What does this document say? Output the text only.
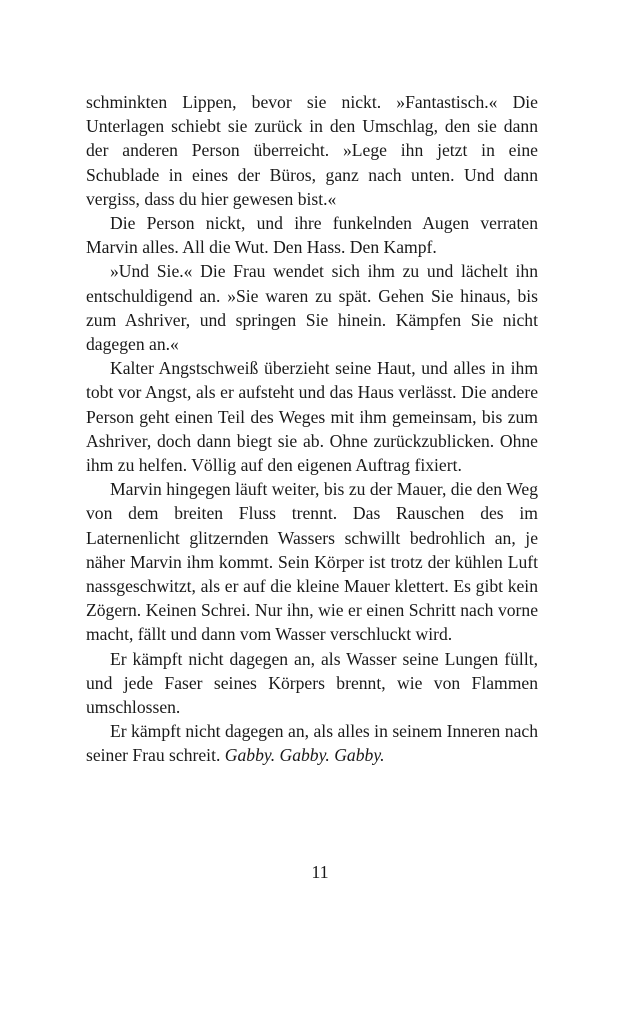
schminkten Lippen, bevor sie nickt. »Fantastisch.« Die Unterlagen schiebt sie zurück in den Umschlag, den sie dann der anderen Person überreicht. »Lege ihn jetzt in eine Schublade in eines der Büros, ganz nach unten. Und dann vergiss, dass du hier gewesen bist.«

Die Person nickt, und ihre funkelnden Augen verraten Marvin alles. All die Wut. Den Hass. Den Kampf.

»Und Sie.« Die Frau wendet sich ihm zu und lächelt ihn entschuldigend an. »Sie waren zu spät. Gehen Sie hinaus, bis zum Ashriver, und springen Sie hinein. Kämpfen Sie nicht dagegen an.«

Kalter Angstschweiß überzieht seine Haut, und alles in ihm tobt vor Angst, als er aufsteht und das Haus verlässt. Die andere Person geht einen Teil des Weges mit ihm gemeinsam, bis zum Ashriver, doch dann biegt sie ab. Ohne zurückzublicken. Ohne ihm zu helfen. Völlig auf den eigenen Auftrag fixiert.

Marvin hingegen läuft weiter, bis zu der Mauer, die den Weg von dem breiten Fluss trennt. Das Rauschen des im Laternenlicht glitzernden Wassers schwillt bedrohlich an, je näher Marvin ihm kommt. Sein Körper ist trotz der kühlen Luft nassgeschwitzt, als er auf die kleine Mauer klettert. Es gibt kein Zögern. Keinen Schrei. Nur ihn, wie er einen Schritt nach vorne macht, fällt und dann vom Wasser verschluckt wird.

Er kämpft nicht dagegen an, als Wasser seine Lungen füllt, und jede Faser seines Körpers brennt, wie von Flammen umschlossen.

Er kämpft nicht dagegen an, als alles in seinem Inneren nach seiner Frau schreit. Gabby. Gabby. Gabby.

11
